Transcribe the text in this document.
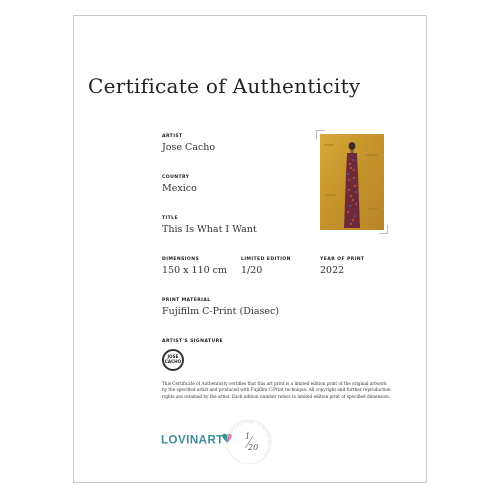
Certificate of Authenticity
ARTIST
Jose Cacho
COUNTRY
Mexico
TITLE
This Is What I Want
DIMENSIONS
150 x 110 cm
LIMITED EDITION
1/20
YEAR OF PRINT
2022
PRINT MATERIAL
Fujifilm C-Print (Diasec)
ARTIST'S SIGNATURE
JOSE
CACHO
This Certificate of Authenticity certifies that this art print is a limited edition print of the original artwork by the specified artist and produced with Fujifilm C-Print technique. All copyright and further reproduction rights are retained by the artist. Each edition number refers to limited edition print of specified dimension.
LOVINART LIMITED EDITION · LIMITED EDITION ·
1
20
